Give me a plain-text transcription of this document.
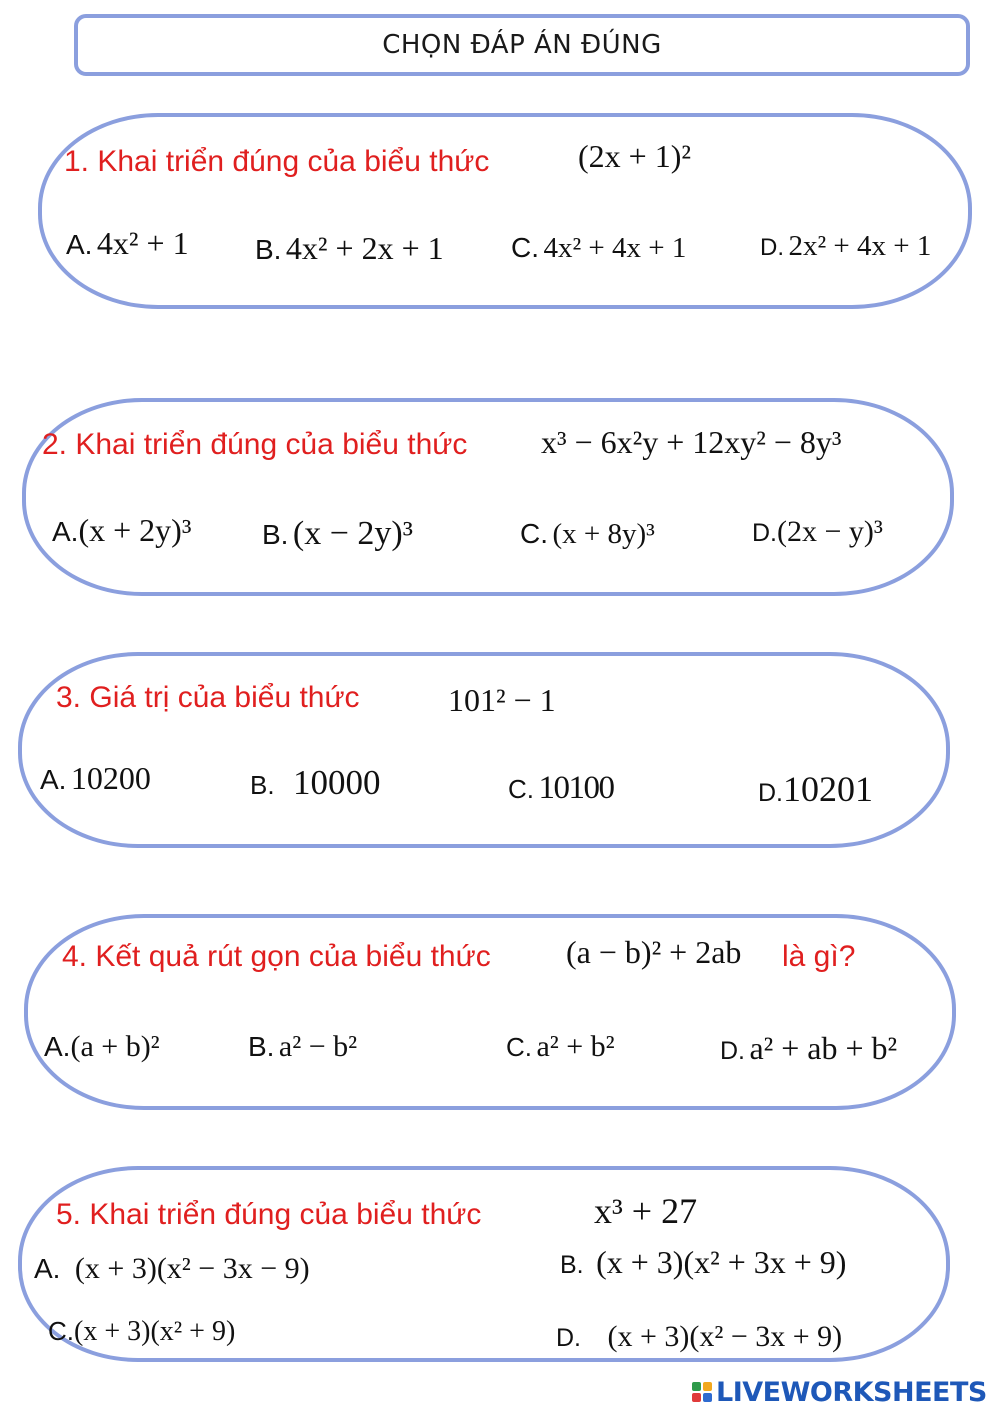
CHỌN ĐÁP ÁN ĐÚNG
1. Khai triển đúng của biểu thức	(2x + 1)²
A. 4x² + 1 B. 4x² + 2x + 1 C. 4x² + 4x + 1	D. 2x² + 4x + 1
2. Khai triển đúng của biểu thức x³ − 6x²y + 12xy² − 8y³
A.(x + 2y)³	B. (x − 2y)³	C. (x + 8y)³	D.(2x − y)³
3. Giá trị của biểu thức	101² − 1
A. 10200	B. 10000	C. 10100	D.10201
4. Kết quả rút gọn của biểu thức (a − b)² + 2ab là gì?
A.(a + b)²	B. a² − b²	C. a² + b²	D. a² + ab + b²
5. Khai triển đúng của biểu thức	x³ + 27
A. (x + 3)(x² − 3x − 9)	B. (x + 3)(x² + 3x + 9)
C.(x + 3)(x² + 9)	D. (x + 3)(x² − 3x + 9)
LIVEWORKSHEETS
